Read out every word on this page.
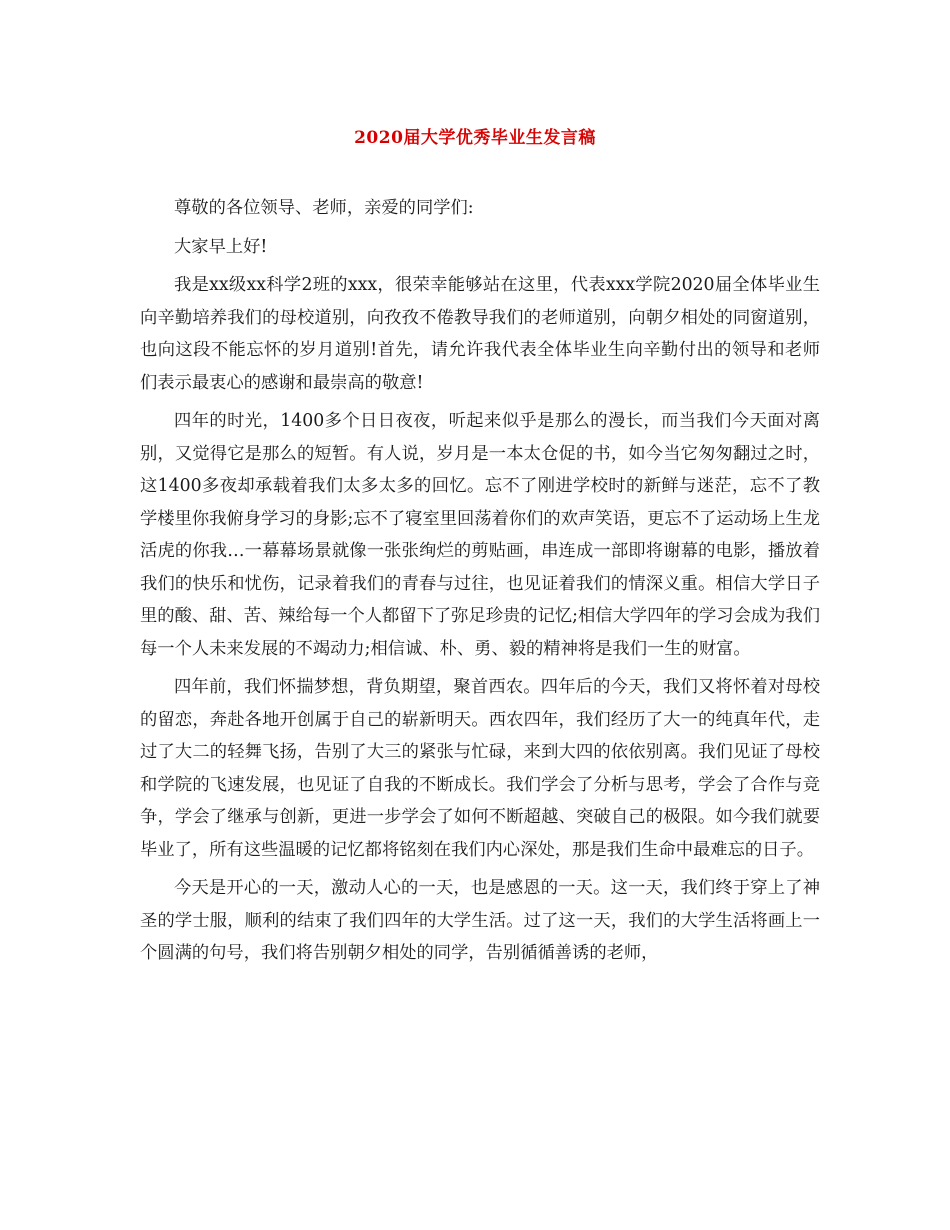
2020届大学优秀毕业生发言稿

尊敬的各位领导、老师，亲爱的同学们:

大家早上好!

我是xx级xx科学2班的xxx，很荣幸能够站在这里，代表xxx学院2020届全体毕业生向辛勤培养我们的母校道别，向孜孜不倦教导我们的老师道别，向朝夕相处的同窗道别，也向这段不能忘怀的岁月道别!首先，请允许我代表全体毕业生向辛勤付出的领导和老师们表示最衷心的感谢和最崇高的敬意!

四年的时光，1400多个日日夜夜，听起来似乎是那么的漫长，而当我们今天面对离别，又觉得它是那么的短暂。有人说，岁月是一本太仓促的书，如今当它匆匆翻过之时，这1400多夜却承载着我们太多太多的回忆。忘不了刚进学校时的新鲜与迷茫，忘不了教学楼里你我俯身学习的身影;忘不了寝室里回荡着你们的欢声笑语，更忘不了运动场上生龙活虎的你我…一幕幕场景就像一张张绚烂的剪贴画，串连成一部即将谢幕的电影，播放着我们的快乐和忧伤，记录着我们的青春与过往，也见证着我们的情深义重。相信大学日子里的酸、甜、苦、辣给每一个人都留下了弥足珍贵的记忆;相信大学四年的学习会成为我们每一个人未来发展的不竭动力;相信诚、朴、勇、毅的精神将是我们一生的财富。

四年前，我们怀揣梦想，背负期望，聚首西农。四年后的今天，我们又将怀着对母校的留恋，奔赴各地开创属于自己的崭新明天。西农四年，我们经历了大一的纯真年代，走过了大二的轻舞飞扬，告别了大三的紧张与忙碌，来到大四的依依别离。我们见证了母校和学院的飞速发展，也见证了自我的不断成长。我们学会了分析与思考，学会了合作与竞争，学会了继承与创新，更进一步学会了如何不断超越、突破自己的极限。如今我们就要毕业了，所有这些温暖的记忆都将铭刻在我们内心深处，那是我们生命中最难忘的日子。

今天是开心的一天，激动人心的一天，也是感恩的一天。这一天，我们终于穿上了神圣的学士服，顺利的结束了我们四年的大学生活。过了这一天，我们的大学生活将画上一个圆满的句号，我们将告别朝夕相处的同学，告别循循善诱的老师，
